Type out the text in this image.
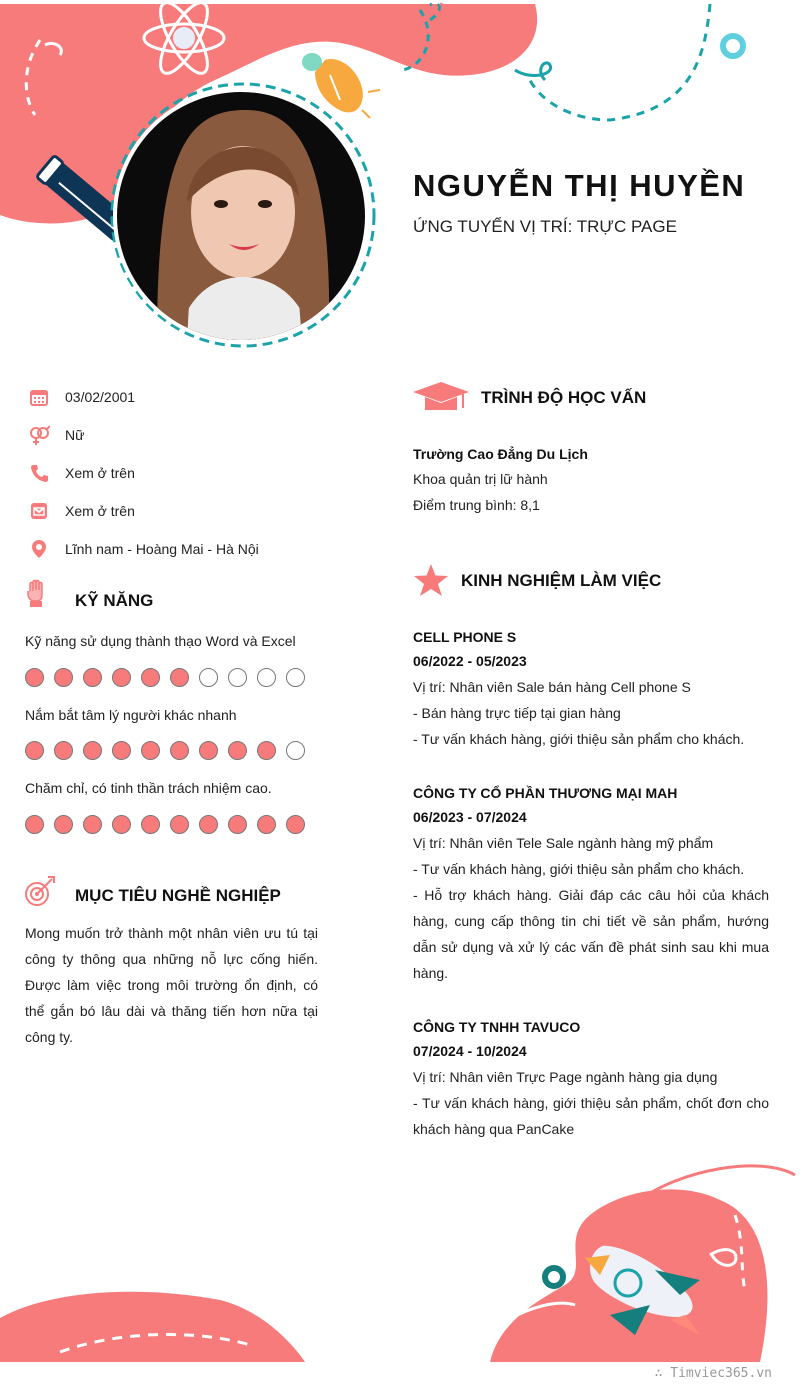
NGUYỄN THỊ HUYỀN
ỨNG TUYỂN VỊ TRÍ: TRỰC PAGE
03/02/2001
Nữ
Xem ở trên
Xem ở trên
Lĩnh nam - Hoàng Mai - Hà Nội
KỸ NĂNG
Kỹ năng sử dụng thành thạo Word và Excel
Nắm bắt tâm lý người khác nhanh
Chăm chỉ, có tinh thần trách nhiệm cao.
MỤC TIÊU NGHỀ NGHIỆP
Mong muốn trở thành một nhân viên ưu tú tại công ty thông qua những nỗ lực cống hiến. Được làm việc trong môi trường ổn định, có thể gắn bó lâu dài và thăng tiến hơn nữa tại công ty.
TRÌNH ĐỘ HỌC VẤN
Trường Cao Đẳng Du Lịch
Khoa quản trị lữ hành
Điểm trung bình: 8,1
KINH NGHIỆM LÀM VIỆC
CELL PHONE S
06/2022 - 05/2023
Vị trí: Nhân viên Sale bán hàng Cell phone S
- Bán hàng trực tiếp tại gian hàng
- Tư vấn khách hàng, giới thiệu sản phẩm cho khách.
CÔNG TY CỔ PHẦN THƯƠNG MẠI MAH
06/2023 - 07/2024
Vị trí: Nhân viên Tele Sale ngành hàng mỹ phẩm
- Tư vấn khách hàng, giới thiệu sản phẩm cho khách.
- Hỗ trợ khách hàng. Giải đáp các câu hỏi của khách hàng, cung cấp thông tin chi tiết về sản phẩm, hướng dẫn sử dụng và xử lý các vấn đề phát sinh sau khi mua hàng.
CÔNG TY TNHH TAVUCO
07/2024 - 10/2024
Vị trí: Nhân viên Trực Page ngành hàng gia dụng
- Tư vấn khách hàng, giới thiệu sản phẩm, chốt đơn cho khách hàng qua PanCake
∴ Timviec365.vn
